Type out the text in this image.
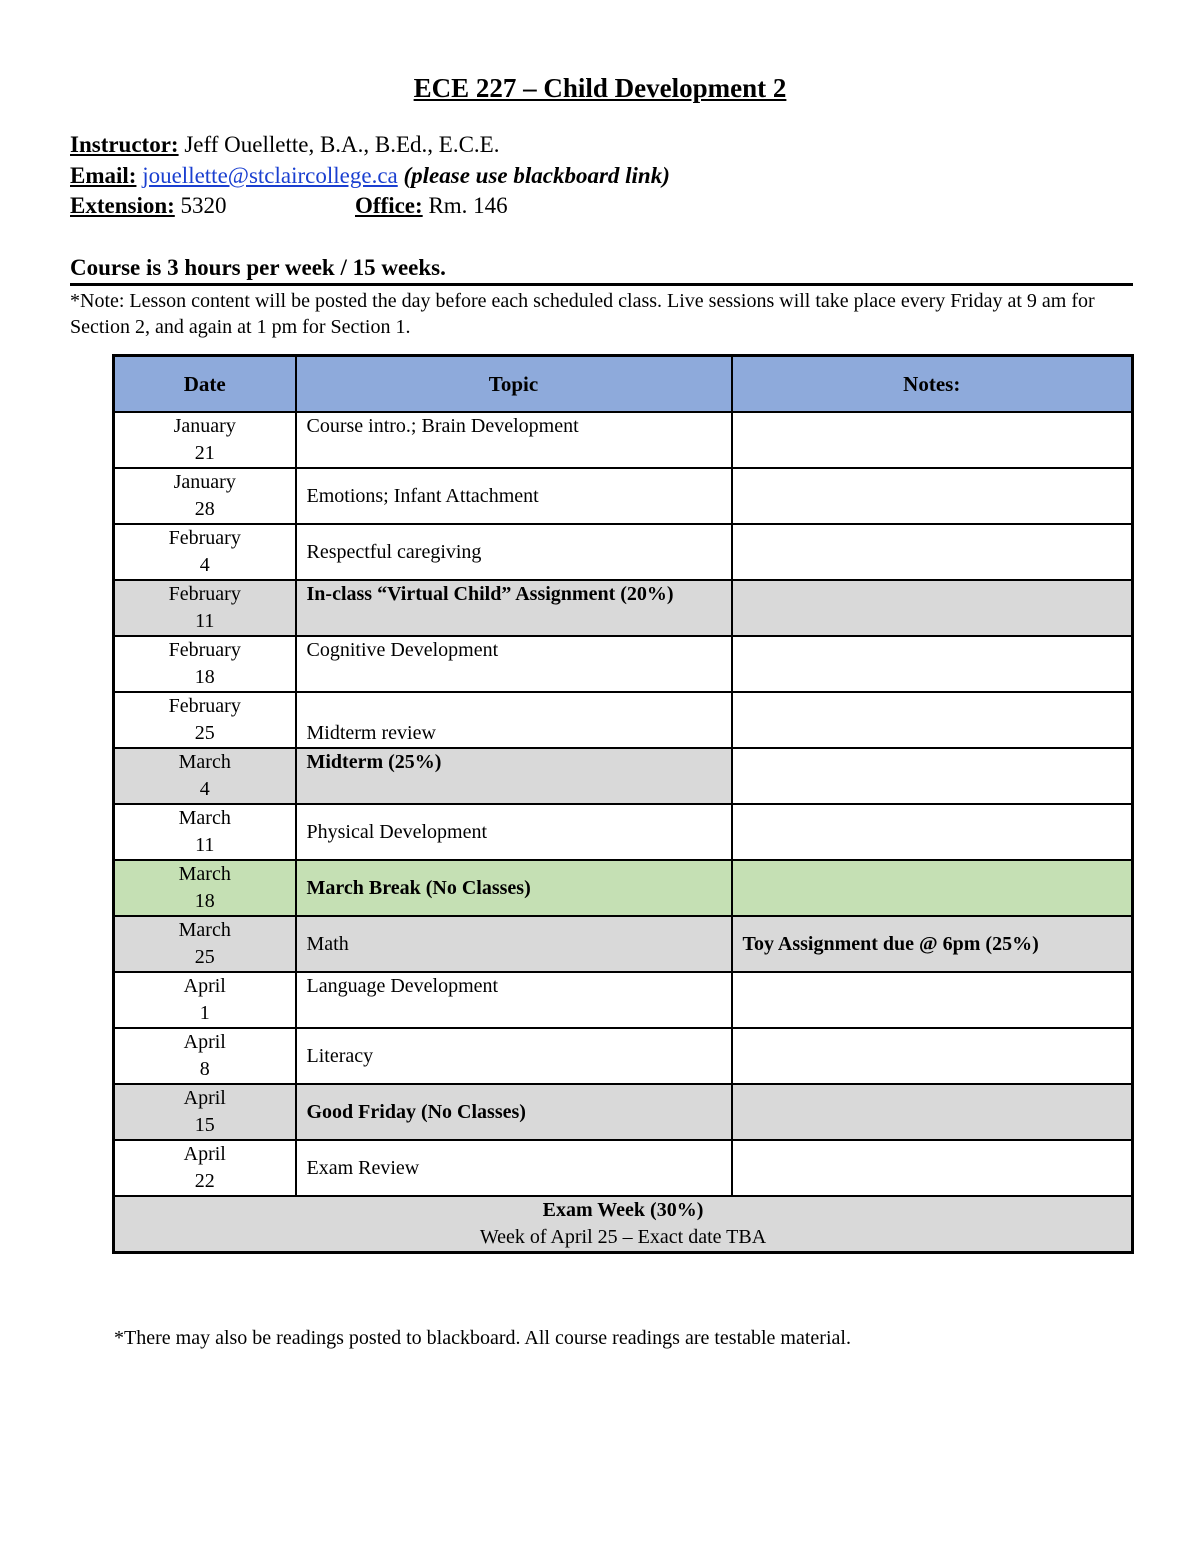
ECE 227 – Child Development 2
Instructor: Jeff Ouellette, B.A., B.Ed., E.C.E.
Email: jouellette@stclaircollege.ca (please use blackboard link)
Extension: 5320	Office: Rm. 146
Course is 3 hours per week / 15 weeks.
*Note: Lesson content will be posted the day before each scheduled class. Live sessions will take place every Friday at 9 am for Section 2, and again at 1 pm for Section 1.
Date	Topic	Notes:

January
21	Course intro.; Brain Development	

January
28	Emotions; Infant Attachment	

February
4	Respectful caregiving	

February
11	In-class “Virtual Child” Assignment (20%)	

February
18	Cognitive Development	

February
25	Midterm review	

March
4	Midterm (25%)	

March
11	Physical Development	

March
18	March Break (No Classes)	

March
25	Math	Toy Assignment due @ 6pm (25%)

April
1	Language Development	

April
8	Literacy	

April
15	Good Friday (No Classes)	

April
22	Exam Review	

Exam Week (30%)
Week of April 25 – Exact date TBA		
*There may also be readings posted to blackboard. All course readings are testable material.
